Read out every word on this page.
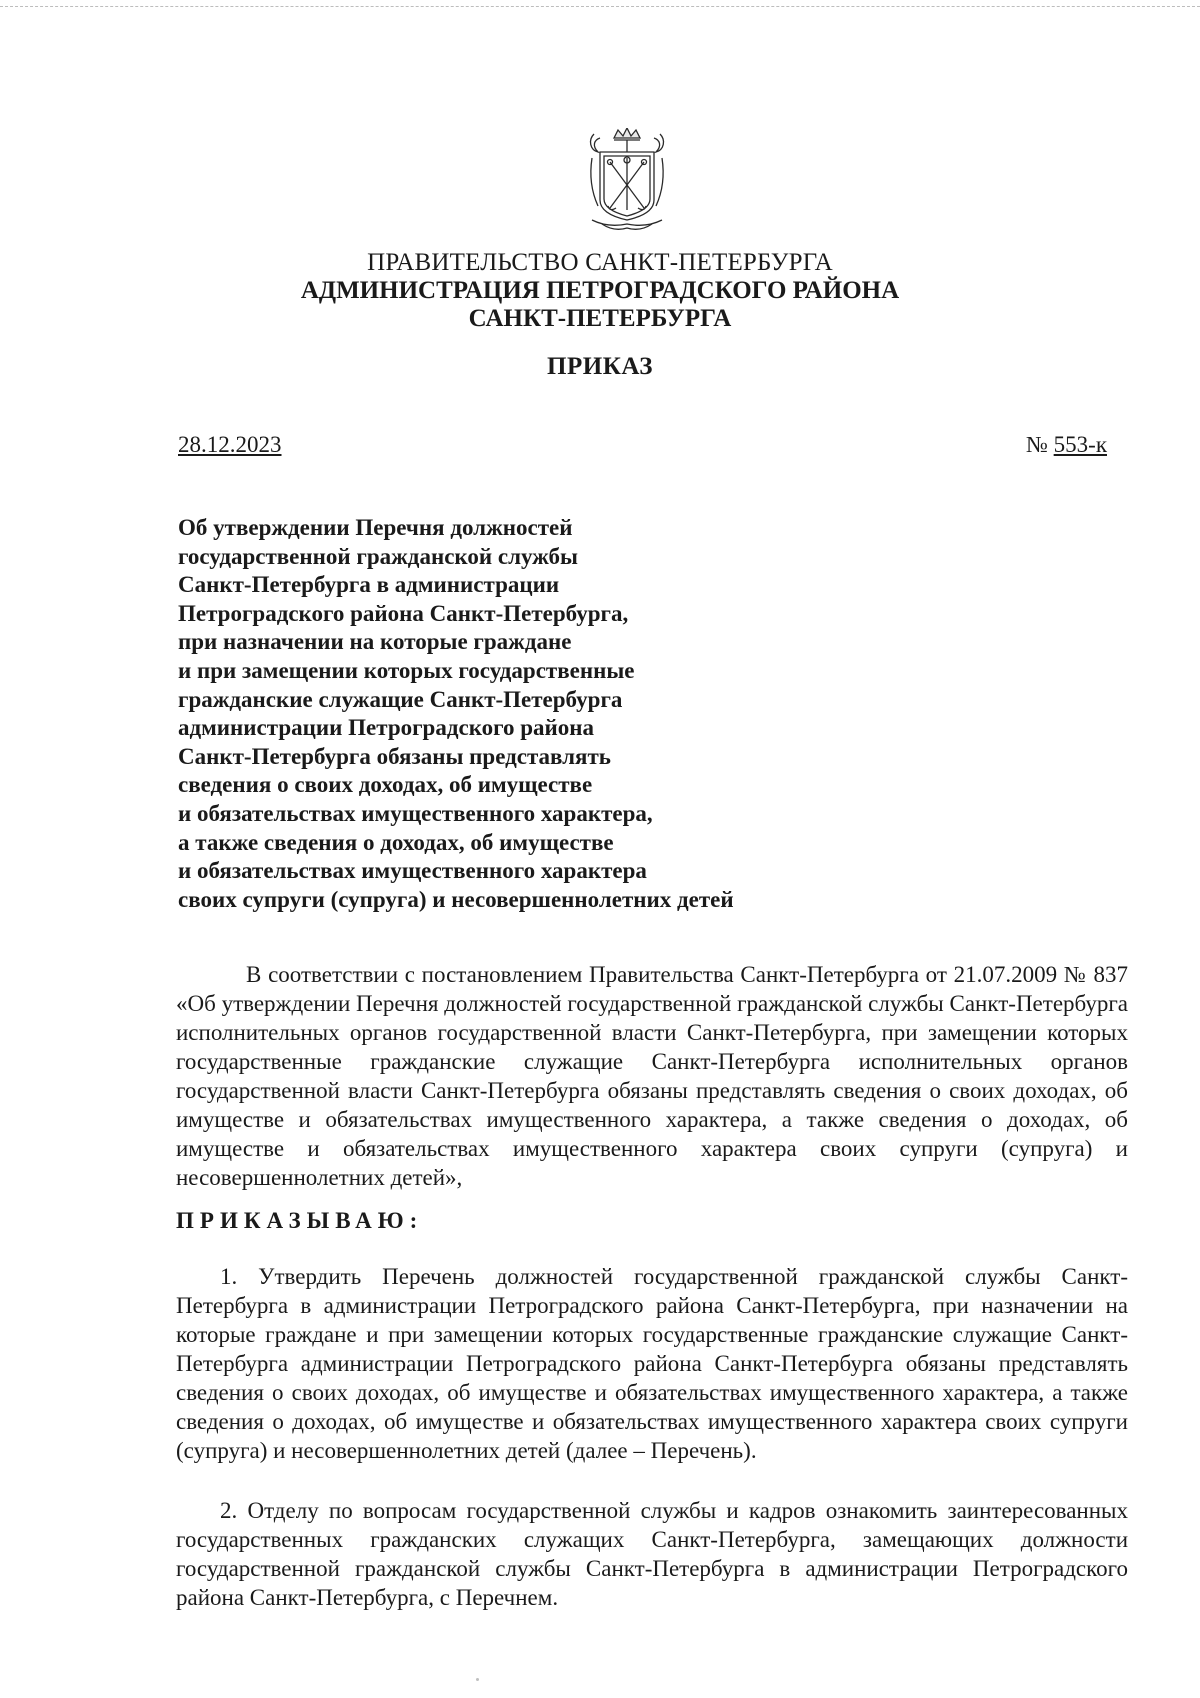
ПРАВИТЕЛЬСТВО САНКТ-ПЕТЕРБУРГА
АДМИНИСТРАЦИЯ ПЕТРОГРАДСКОГО РАЙОНА
САНКТ-ПЕТЕРБУРГА
ПРИКАЗ
28.12.2023	№ 553-к
Об утверждении Перечня должностей
государственной гражданской службы
Санкт-Петербурга в администрации
Петроградского района Санкт-Петербурга,
при назначении на которые граждане
и при замещении которых государственные
гражданские служащие Санкт-Петербурга
администрации Петроградского района
Санкт-Петербурга обязаны представлять
сведения о своих доходах, об имуществе
и обязательствах имущественного характера,
а также сведения о доходах, об имуществе
и обязательствах имущественного характера
своих супруги (супруга) и несовершеннолетних детей
В соответствии с постановлением Правительства Санкт-Петербурга от 21.07.2009 № 837 «Об утверждении Перечня должностей государственной гражданской службы Санкт-Петербурга исполнительных органов государственной власти Санкт-Петербурга, при замещении которых государственные гражданские служащие Санкт-Петербурга исполнительных органов государственной власти Санкт-Петербурга обязаны представлять сведения о своих доходах, об имуществе и обязательствах имущественного характера, а также сведения о доходах, об имуществе и обязательствах имущественного характера своих супруги (супруга) и несовершеннолетних детей»,
ПРИКАЗЫВАЮ:
1. Утвердить Перечень должностей государственной гражданской службы Санкт-Петербурга в администрации Петроградского района Санкт-Петербурга, при назначении на которые граждане и при замещении которых государственные гражданские служащие Санкт-Петербурга администрации Петроградского района Санкт-Петербурга обязаны представлять сведения о своих доходах, об имуществе и обязательствах имущественного характера, а также сведения о доходах, об имуществе и обязательствах имущественного характера своих супруги (супруга) и несовершеннолетних детей (далее – Перечень).
2. Отделу по вопросам государственной службы и кадров ознакомить заинтересованных государственных гражданских служащих Санкт-Петербурга, замещающих должности государственной гражданской службы Санкт-Петербурга в администрации Петроградского района Санкт-Петербурга, с Перечнем.
